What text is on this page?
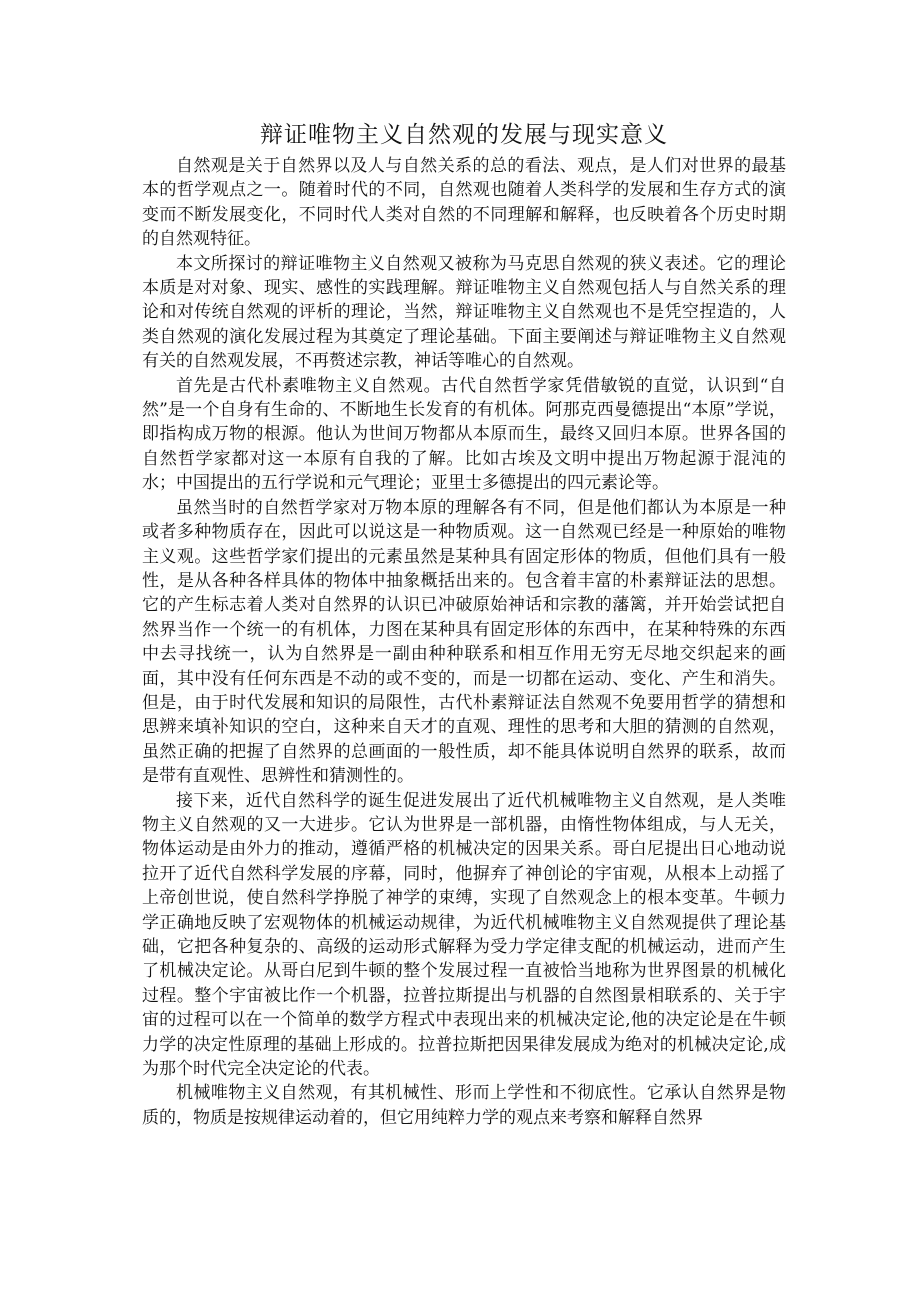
辩证唯物主义自然观的发展与现实意义

自然观是关于自然界以及人与自然关系的总的看法、观点，是人们对世界的最基本的哲学观点之一。随着时代的不同，自然观也随着人类科学的发展和生存方式的演变而不断发展变化，不同时代人类对自然的不同理解和解释，也反映着各个历史时期的自然观特征。

本文所探讨的辩证唯物主义自然观又被称为马克思自然观的狭义表述。它的理论本质是对对象、现实、感性的实践理解。辩证唯物主义自然观包括人与自然关系的理论和对传统自然观的评析的理论，当然，辩证唯物主义自然观也不是凭空捏造的，人类自然观的演化发展过程为其奠定了理论基础。下面主要阐述与辩证唯物主义自然观有关的自然观发展，不再赘述宗教，神话等唯心的自然观。

首先是古代朴素唯物主义自然观。古代自然哲学家凭借敏锐的直觉，认识到“自然”是一个自身有生命的、不断地生长发育的有机体。阿那克西曼德提出“本原”学说，即指构成万物的根源。他认为世间万物都从本原而生，最终又回归本原。世界各国的自然哲学家都对这一本原有自我的了解。比如古埃及文明中提出万物起源于混沌的水；中国提出的五行学说和元气理论；亚里士多德提出的四元素论等。

虽然当时的自然哲学家对万物本原的理解各有不同，但是他们都认为本原是一种或者多种物质存在，因此可以说这是一种物质观。这一自然观已经是一种原始的唯物主义观。这些哲学家们提出的元素虽然是某种具有固定形体的物质，但他们具有一般性，是从各种各样具体的物体中抽象概括出来的。包含着丰富的朴素辩证法的思想。它的产生标志着人类对自然界的认识已冲破原始神话和宗教的藩篱，并开始尝试把自然界当作一个统一的有机体，力图在某种具有固定形体的东西中，在某种特殊的东西中去寻找统一，认为自然界是一副由种种联系和相互作用无穷无尽地交织起来的画面，其中没有任何东西是不动的或不变的，而是一切都在运动、变化、产生和消失。但是，由于时代发展和知识的局限性，古代朴素辩证法自然观不免要用哲学的猜想和思辨来填补知识的空白，这种来自天才的直观、理性的思考和大胆的猜测的自然观，虽然正确的把握了自然界的总画面的一般性质，却不能具体说明自然界的联系，故而是带有直观性、思辨性和猜测性的。

接下来，近代自然科学的诞生促进发展出了近代机械唯物主义自然观，是人类唯物主义自然观的又一大进步。它认为世界是一部机器，由惰性物体组成，与人无关，物体运动是由外力的推动，遵循严格的机械决定的因果关系。哥白尼提出日心地动说拉开了近代自然科学发展的序幕，同时，他摒弃了神创论的宇宙观，从根本上动摇了上帝创世说，使自然科学挣脱了神学的束缚，实现了自然观念上的根本变革。牛顿力学正确地反映了宏观物体的机械运动规律，为近代机械唯物主义自然观提供了理论基础，它把各种复杂的、高级的运动形式解释为受力学定律支配的机械运动，进而产生了机械决定论。从哥白尼到牛顿的整个发展过程一直被恰当地称为世界图景的机械化过程。整个宇宙被比作一个机器，拉普拉斯提出与机器的自然图景相联系的、关于宇宙的过程可以在一个简单的数学方程式中表现出来的机械决定论,他的决定论是在牛顿力学的决定性原理的基础上形成的。拉普拉斯把因果律发展成为绝对的机械决定论,成为那个时代完全决定论的代表。

机械唯物主义自然观，有其机械性、形而上学性和不彻底性。它承认自然界是物质的，物质是按规律运动着的，但它用纯粹力学的观点来考察和解释自然界
